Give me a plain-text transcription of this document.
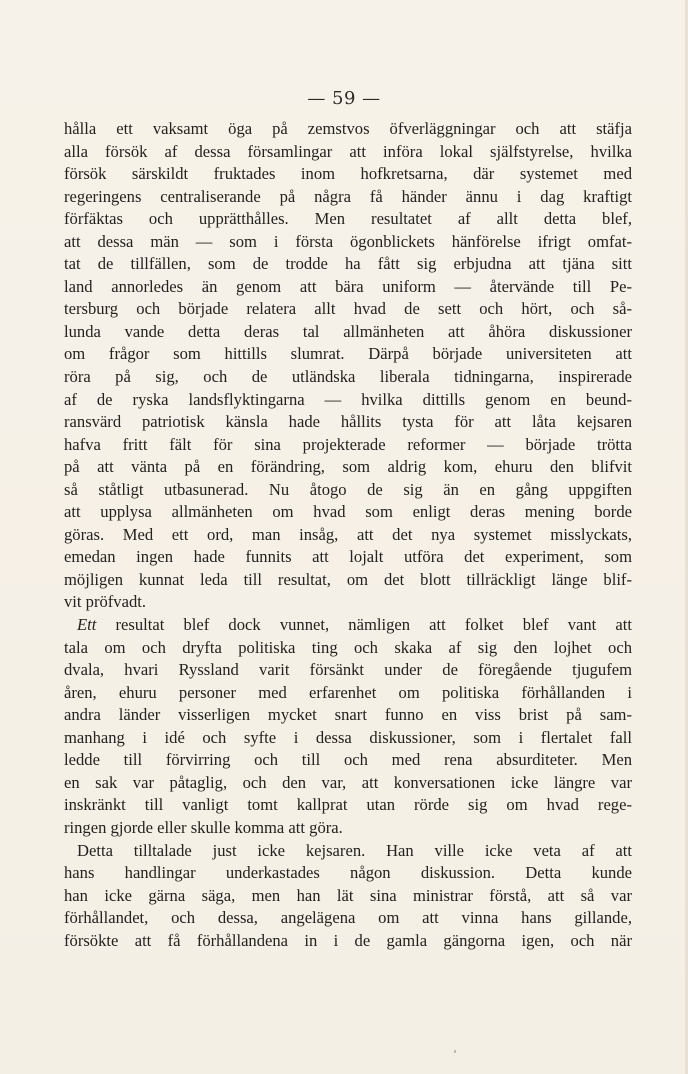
— 59 —
hålla ett vaksamt öga på zemstvos öfverläggningar och att stäfja
alla försök af dessa församlingar att införa lokal själfstyrelse, hvilka
försök särskildt fruktades inom hofkretsarna, där systemet med
regeringens centraliserande på några få händer ännu i dag kraftigt
förfäktas och upprätthålles. Men resultatet af allt detta blef,
att dessa män — som i första ögonblickets hänförelse ifrigt omfat-
tat de tillfällen, som de trodde ha fått sig erbjudna att tjäna sitt
land annorledes än genom att bära uniform — återvände till Pe-
tersburg och började relatera allt hvad de sett och hört, och så-
lunda vande detta deras tal allmänheten att åhöra diskussioner
om frågor som hittills slumrat. Därpå började universiteten att
röra på sig, och de utländska liberala tidningarna, inspirerade
af de ryska landsflyktingarna — hvilka dittills genom en beund-
ransvärd patriotisk känsla hade hållits tysta för att låta kejsaren
hafva fritt fält för sina projekterade reformer — började trötta
på att vänta på en förändring, som aldrig kom, ehuru den blifvit
så ståtligt utbasunerad. Nu åtogo de sig än en gång uppgiften
att upplysa allmänheten om hvad som enligt deras mening borde
göras. Med ett ord, man insåg, att det nya systemet misslyckats,
emedan ingen hade funnits att lojalt utföra det experiment, som
möjligen kunnat leda till resultat, om det blott tillräckligt länge blif-
vit pröfvadt.
Ett resultat blef dock vunnet, nämligen att folket blef vant att
tala om och dryfta politiska ting och skaka af sig den lojhet och
dvala, hvari Ryssland varit försänkt under de föregående tjugufem
åren, ehuru personer med erfarenhet om politiska förhållanden i
andra länder visserligen mycket snart funno en viss brist på sam-
manhang i idé och syfte i dessa diskussioner, som i flertalet fall
ledde till förvirring och till och med rena absurditeter. Men
en sak var påtaglig, och den var, att konversationen icke längre var
inskränkt till vanligt tomt kallprat utan rörde sig om hvad rege-
ringen gjorde eller skulle komma att göra.
Detta tilltalade just icke kejsaren. Han ville icke veta af att
hans handlingar underkastades någon diskussion. Detta kunde
han icke gärna säga, men han lät sina ministrar förstå, att så var
förhållandet, och dessa, angelägena om att vinna hans gillande,
försökte att få förhållandena in i de gamla gängorna igen, och när
